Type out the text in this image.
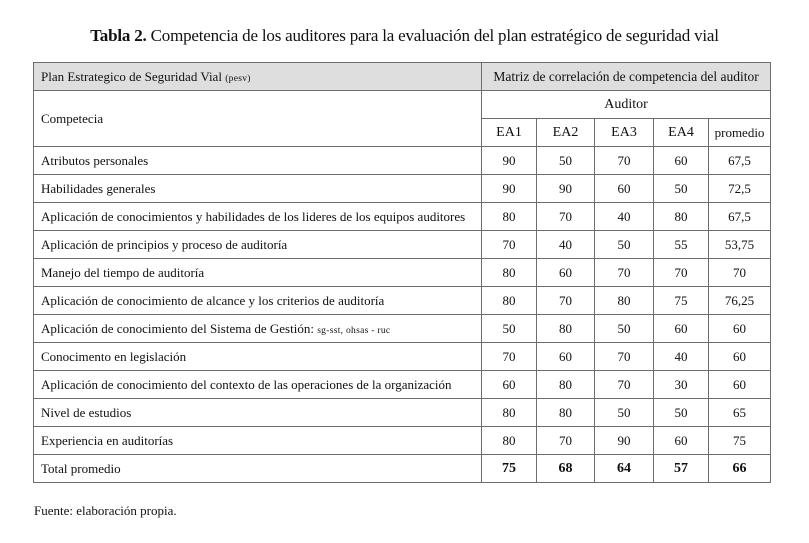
Tabla 2. Competencia de los auditores para la evaluación del plan estratégico de seguridad vial
Plan Estrategico de Seguridad Vial (pesv)	Matriz de correlación de competencia del auditor				
Competecia	Auditor				
	EA1	EA2	EA3	EA4	promedio
Atributos personales	90	50	70	60	67,5
Habilidades generales	90	90	60	50	72,5
Aplicación de conocimientos y habilidades de los lideres de los equipos auditores	80	70	40	80	67,5
Aplicación de principios y proceso de auditoría	70	40	50	55	53,75
Manejo del tiempo de auditoría	80	60	70	70	70
Aplicación de conocimiento de alcance y los criterios de auditoría	80	70	80	75	76,25
Aplicación de conocimiento del Sistema de Gestión: sg-sst, ohsas - ruc	50	80	50	60	60
Conocimento en legislación	70	60	70	40	60
Aplicación de conocimiento del contexto de las operaciones de la organización	60	80	70	30	60
Nivel de estudios	80	80	50	50	65
Experiencia en auditorías	80	70	90	60	75
Total promedio	75	68	64	57	66
Fuente: elaboración propia.
